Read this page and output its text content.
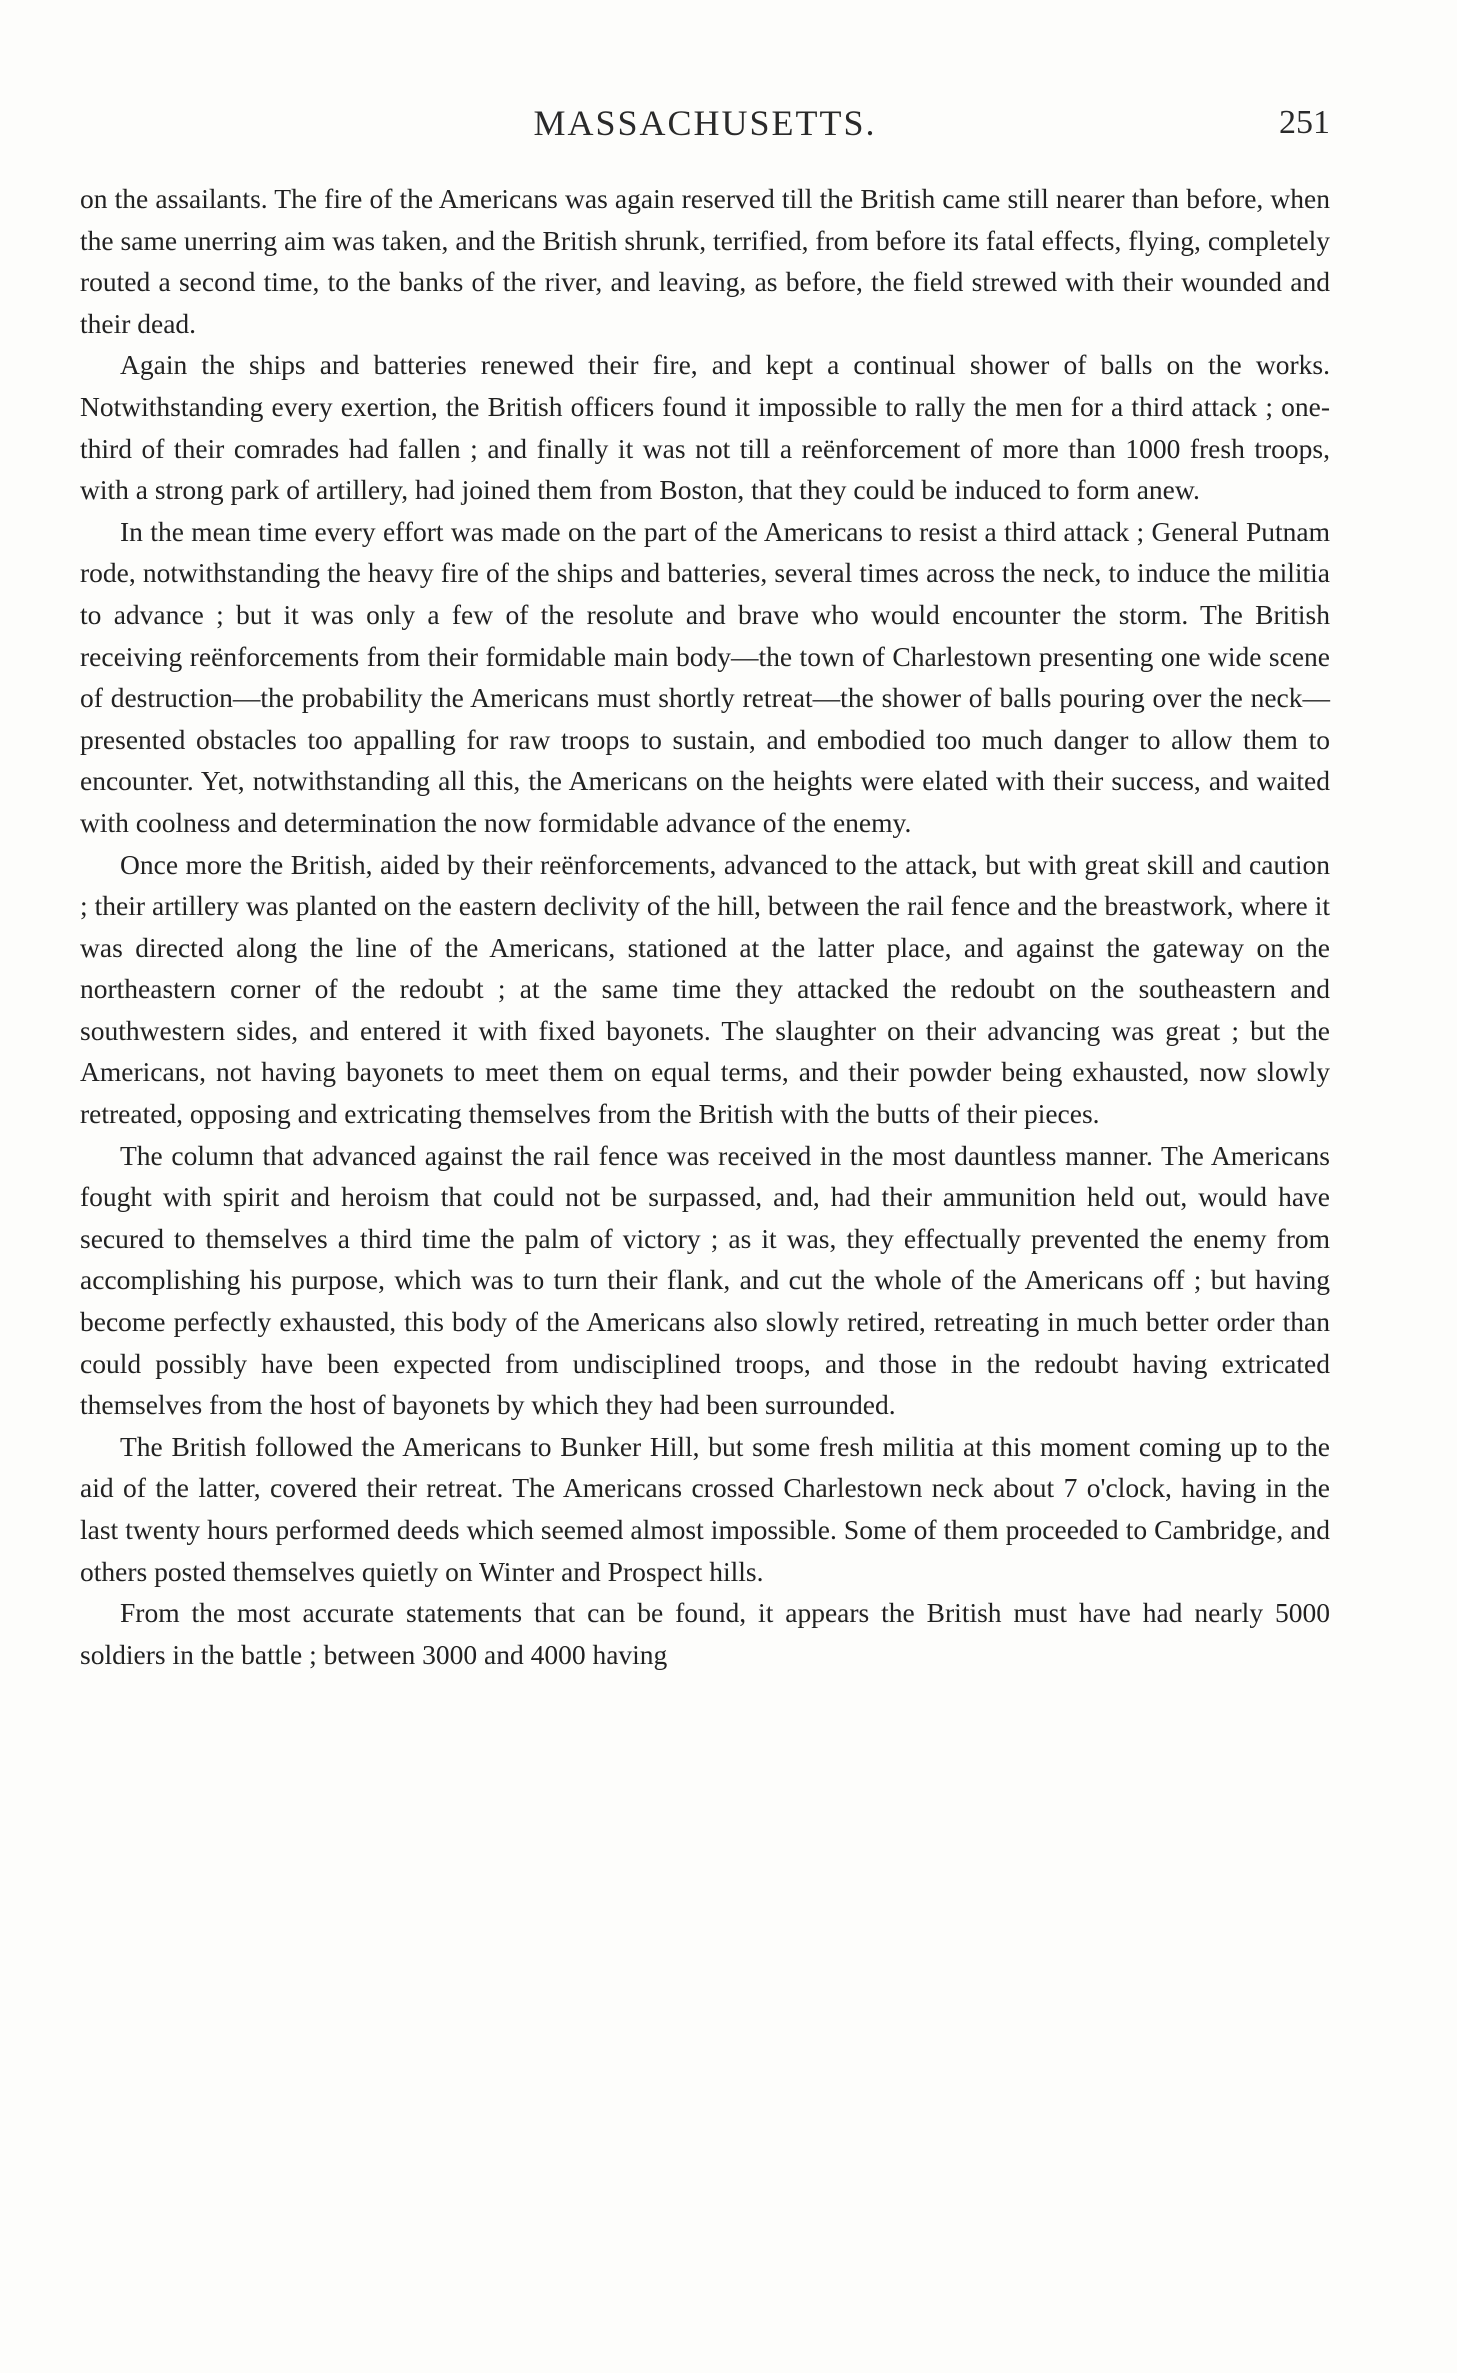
MASSACHUSETTS.	251

on the assailants. The fire of the Americans was again reserved till the British came still nearer than before, when the same unerring aim was taken, and the British shrunk, terrified, from before its fatal effects, flying, completely routed a second time, to the banks of the river, and leaving, as before, the field strewed with their wounded and their dead.

Again the ships and batteries renewed their fire, and kept a continual shower of balls on the works. Notwithstanding every exertion, the British officers found it impossible to rally the men for a third attack ; one-third of their comrades had fallen ; and finally it was not till a reënforcement of more than 1000 fresh troops, with a strong park of artillery, had joined them from Boston, that they could be induced to form anew.

In the mean time every effort was made on the part of the Americans to resist a third attack ; General Putnam rode, notwithstanding the heavy fire of the ships and batteries, several times across the neck, to induce the militia to advance ; but it was only a few of the resolute and brave who would encounter the storm. The British receiving reënforcements from their formidable main body—the town of Charlestown presenting one wide scene of destruction—the probability the Americans must shortly retreat—the shower of balls pouring over the neck—presented obstacles too appalling for raw troops to sustain, and embodied too much danger to allow them to encounter. Yet, notwithstanding all this, the Americans on the heights were elated with their success, and waited with coolness and determination the now formidable advance of the enemy.

Once more the British, aided by their reënforcements, advanced to the attack, but with great skill and caution ; their artillery was planted on the eastern declivity of the hill, between the rail fence and the breastwork, where it was directed along the line of the Americans, stationed at the latter place, and against the gateway on the northeastern corner of the redoubt ; at the same time they attacked the redoubt on the southeastern and southwestern sides, and entered it with fixed bayonets. The slaughter on their advancing was great ; but the Americans, not having bayonets to meet them on equal terms, and their powder being exhausted, now slowly retreated, opposing and extricating themselves from the British with the butts of their pieces.

The column that advanced against the rail fence was received in the most dauntless manner. The Americans fought with spirit and heroism that could not be surpassed, and, had their ammunition held out, would have secured to themselves a third time the palm of victory ; as it was, they effectually prevented the enemy from accomplishing his purpose, which was to turn their flank, and cut the whole of the Americans off ; but having become perfectly exhausted, this body of the Americans also slowly retired, retreating in much better order than could possibly have been expected from undisciplined troops, and those in the redoubt having extricated themselves from the host of bayonets by which they had been surrounded.

The British followed the Americans to Bunker Hill, but some fresh militia at this moment coming up to the aid of the latter, covered their retreat. The Americans crossed Charlestown neck about 7 o'clock, having in the last twenty hours performed deeds which seemed almost impossible. Some of them proceeded to Cambridge, and others posted themselves quietly on Winter and Prospect hills.

From the most accurate statements that can be found, it appears the British must have had nearly 5000 soldiers in the battle ; between 3000 and 4000 having
